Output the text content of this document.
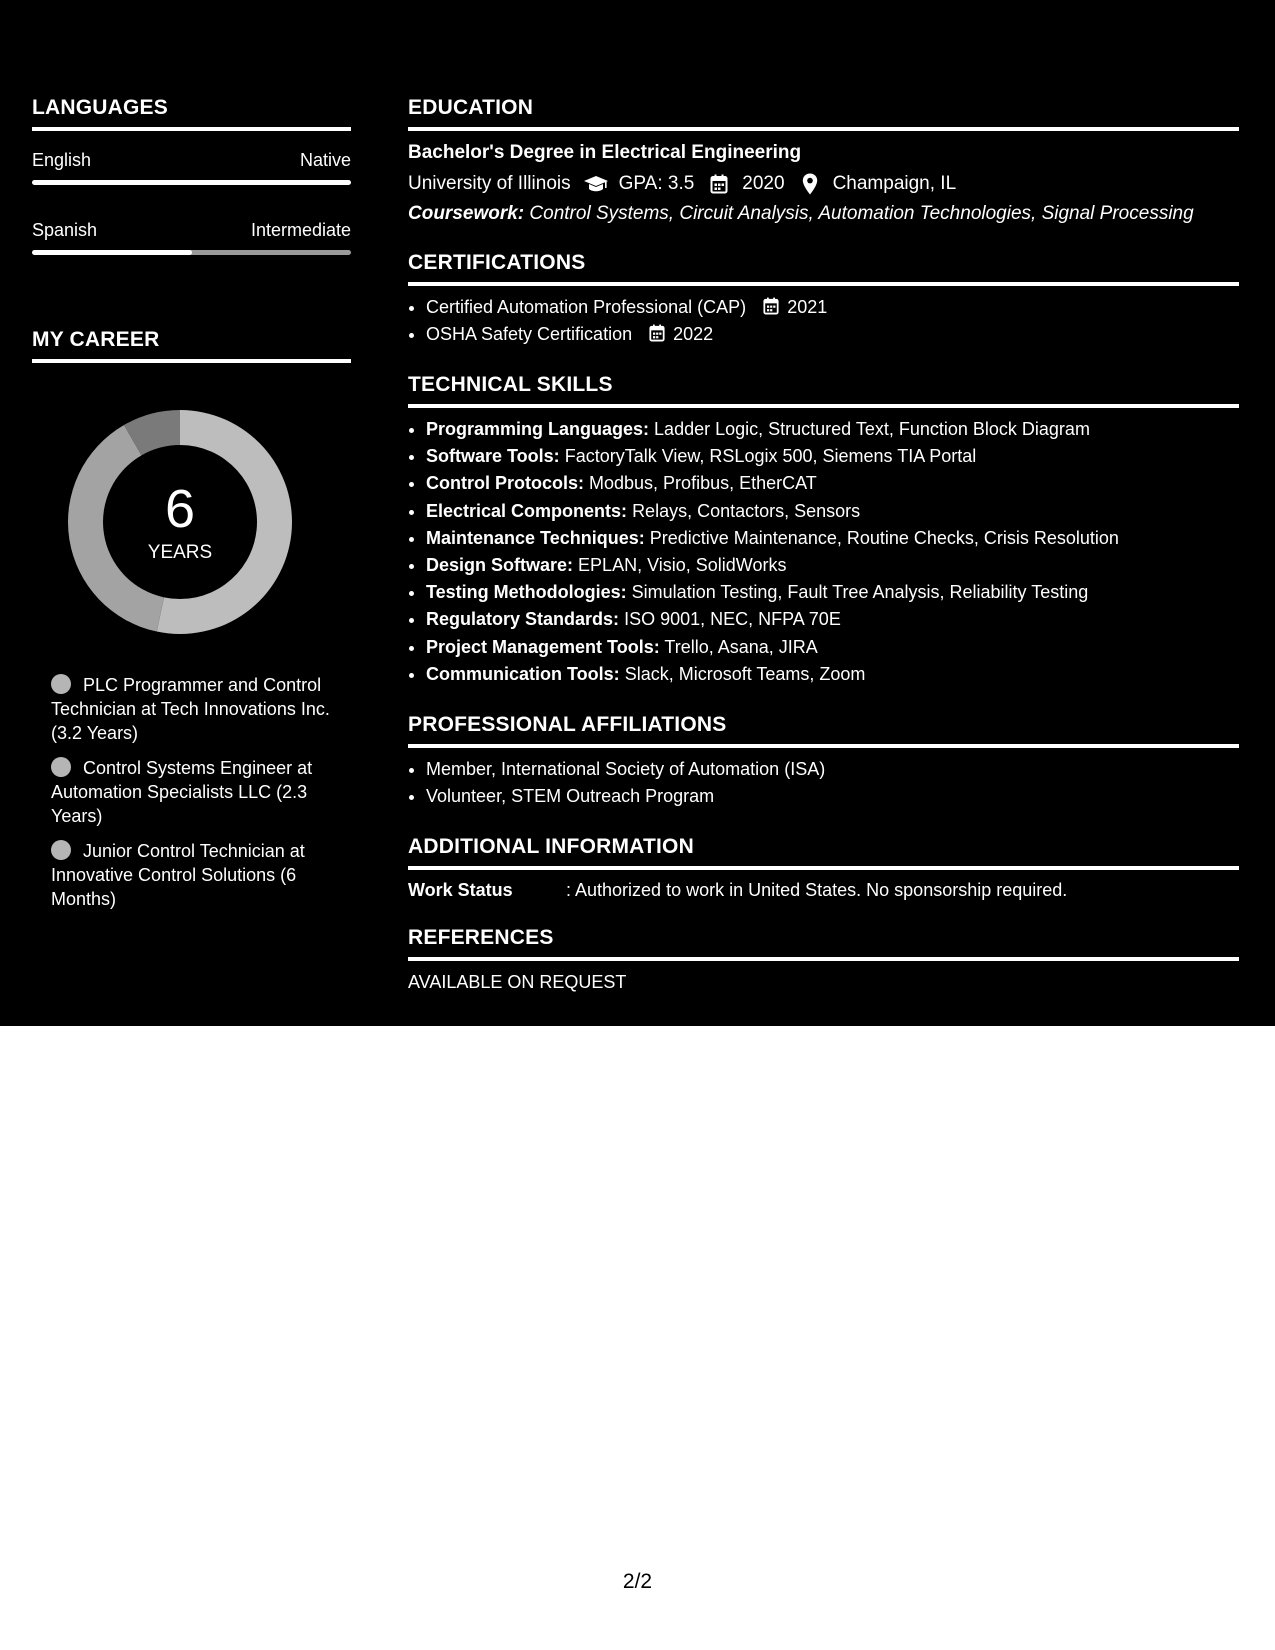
LANGUAGES
English	Native
Spanish	Intermediate
MY CAREER
6
YEARS
PLC Programmer and Control Technician at Tech Innovations Inc. (3.2 Years)
Control Systems Engineer at Automation Specialists LLC (2.3 Years)
Junior Control Technician at Innovative Control Solutions (6 Months)
EDUCATION
Bachelor's Degree in Electrical Engineering
University of Illinois	GPA: 3.5	2020	Champaign, IL
Coursework: Control Systems, Circuit Analysis, Automation Technologies, Signal Processing
CERTIFICATIONS
• Certified Automation Professional (CAP) 2021
• OSHA Safety Certification 2022
TECHNICAL SKILLS
• Programming Languages: Ladder Logic, Structured Text, Function Block Diagram
• Software Tools: FactoryTalk View, RSLogix 500, Siemens TIA Portal
• Control Protocols: Modbus, Profibus, EtherCAT
• Electrical Components: Relays, Contactors, Sensors
• Maintenance Techniques: Predictive Maintenance, Routine Checks, Crisis Resolution
• Design Software: EPLAN, Visio, SolidWorks
• Testing Methodologies: Simulation Testing, Fault Tree Analysis, Reliability Testing
• Regulatory Standards: ISO 9001, NEC, NFPA 70E
• Project Management Tools: Trello, Asana, JIRA
• Communication Tools: Slack, Microsoft Teams, Zoom
PROFESSIONAL AFFILIATIONS
• Member, International Society of Automation (ISA)
• Volunteer, STEM Outreach Program
ADDITIONAL INFORMATION
Work Status	: Authorized to work in United States. No sponsorship required.
REFERENCES
AVAILABLE ON REQUEST
2/2
